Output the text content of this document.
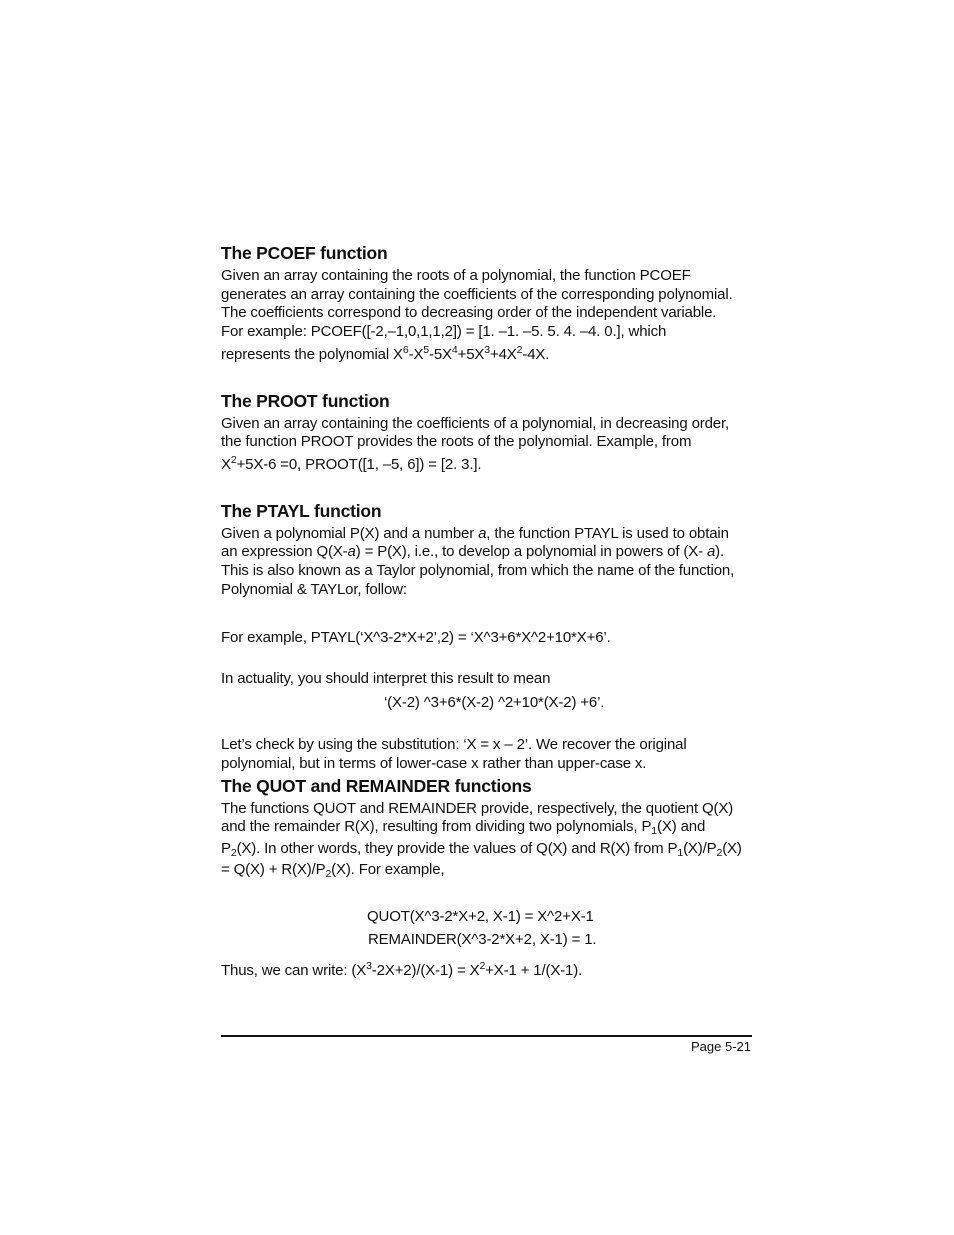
The PCOEF function
Given an array containing the roots of a polynomial, the function PCOEF
generates an array containing the coefficients of the corresponding polynomial.
The coefficients correspond to decreasing order of the independent variable.
For example: PCOEF([-2,–1,0,1,1,2]) = [1. –1. –5. 5. 4. –4. 0.], which
represents the polynomial $X^6-X^5-5X^4+5X^3+4X^2-4X$.
The PROOT function
Given an array containing the coefficients of a polynomial, in decreasing order,
the function PROOT provides the roots of the polynomial. Example, from
$X^2+5X-6 =0$, PROOT([1, –5, 6]) = [2. 3.].
The PTAYL function
Given a polynomial P(X) and a number a, the function PTAYL is used to obtain
an expression Q(X-a) = P(X), i.e., to develop a polynomial in powers of (X- a).
This is also known as a Taylor polynomial, from which the name of the function,
Polynomial & TAYLor, follow:
For example, PTAYL(‘X^3-2*X+2’,2) = ‘X^3+6*X^2+10*X+6’.
In actuality, you should interpret this result to mean
‘(X-2) ^3+6*(X-2) ^2+10*(X-2) +6’.
Let’s check by using the substitution: ‘X = x – 2’. We recover the original
polynomial, but in terms of lower-case x rather than upper-case x.
The QUOT and REMAINDER functions
The functions QUOT and REMAINDER provide, respectively, the quotient Q(X)
and the remainder R(X), resulting from dividing two polynomials, $P_1(X)$ and
$P_2(X)$. In other words, they provide the values of Q(X) and R(X) from $P_1(X)/P_2(X)$
= $Q(X) + R(X)/P_2(X)$. For example,
QUOT(X^3-2*X+2, X-1) = X^2+X-1
REMAINDER(X^3-2*X+2, X-1) = 1.
Thus, we can write: $(X^3-2X+2)/(X-1) = X^2+X-1 + 1/(X-1)$.
Page 5-21
